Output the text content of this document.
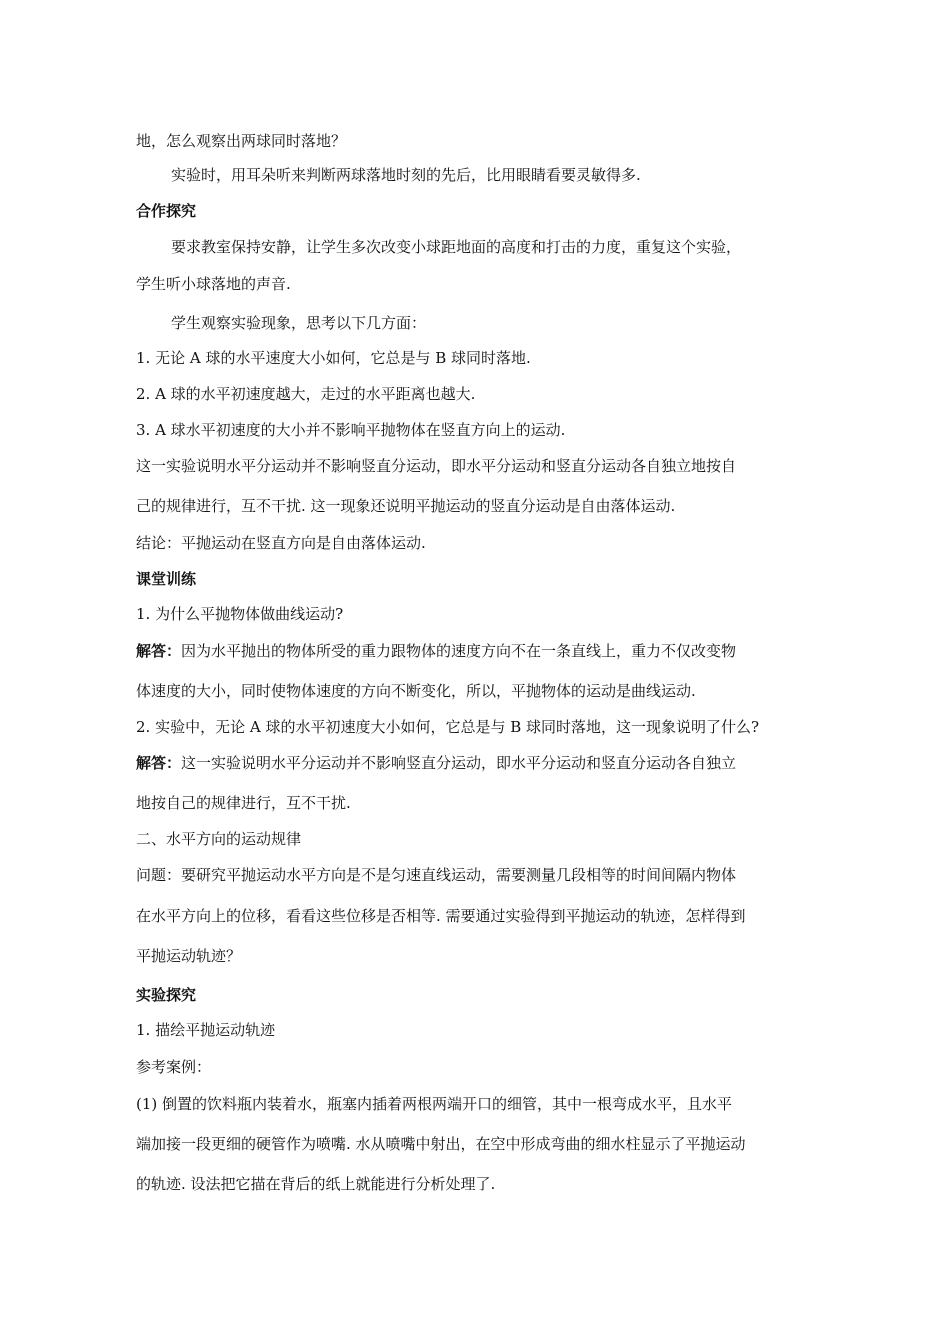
地，怎么观察出两球同时落地？

实验时，用耳朵听来判断两球落地时刻的先后，比用眼睛看要灵敏得多.

合作探究

要求教室保持安静，让学生多次改变小球距地面的高度和打击的力度，重复这个实验，

学生听小球落地的声音.

学生观察实验现象，思考以下几方面：

1. 无论 A 球的水平速度大小如何，它总是与 B 球同时落地.

2. A 球的水平初速度越大，走过的水平距离也越大.

3. A 球水平初速度的大小并不影响平抛物体在竖直方向上的运动.

这一实验说明水平分运动并不影响竖直分运动，即水平分运动和竖直分运动各自独立地按自

己的规律进行，互不干扰. 这一现象还说明平抛运动的竖直分运动是自由落体运动.

结论：平抛运动在竖直方向是自由落体运动.

课堂训练

1. 为什么平抛物体做曲线运动?

解答：因为水平抛出的物体所受的重力跟物体的速度方向不在一条直线上，重力不仅改变物

体速度的大小，同时使物体速度的方向不断变化，所以，平抛物体的运动是曲线运动.

2. 实验中，无论 A 球的水平初速度大小如何，它总是与 B 球同时落地，这一现象说明了什么?

解答：这一实验说明水平分运动并不影响竖直分运动，即水平分运动和竖直分运动各自独立

地按自己的规律进行，互不干扰.

二、水平方向的运动规律

问题：要研究平抛运动水平方向是不是匀速直线运动，需要测量几段相等的时间间隔内物体

在水平方向上的位移，看看这些位移是否相等. 需要通过实验得到平抛运动的轨迹，怎样得到

平抛运动轨迹？

实验探究

1. 描绘平抛运动轨迹

参考案例：

(1) 倒置的饮料瓶内装着水，瓶塞内插着两根两端开口的细管，其中一根弯成水平，且水平

端加接一段更细的硬管作为喷嘴. 水从喷嘴中射出，在空中形成弯曲的细水柱显示了平抛运动

的轨迹. 设法把它描在背后的纸上就能进行分析处理了.
